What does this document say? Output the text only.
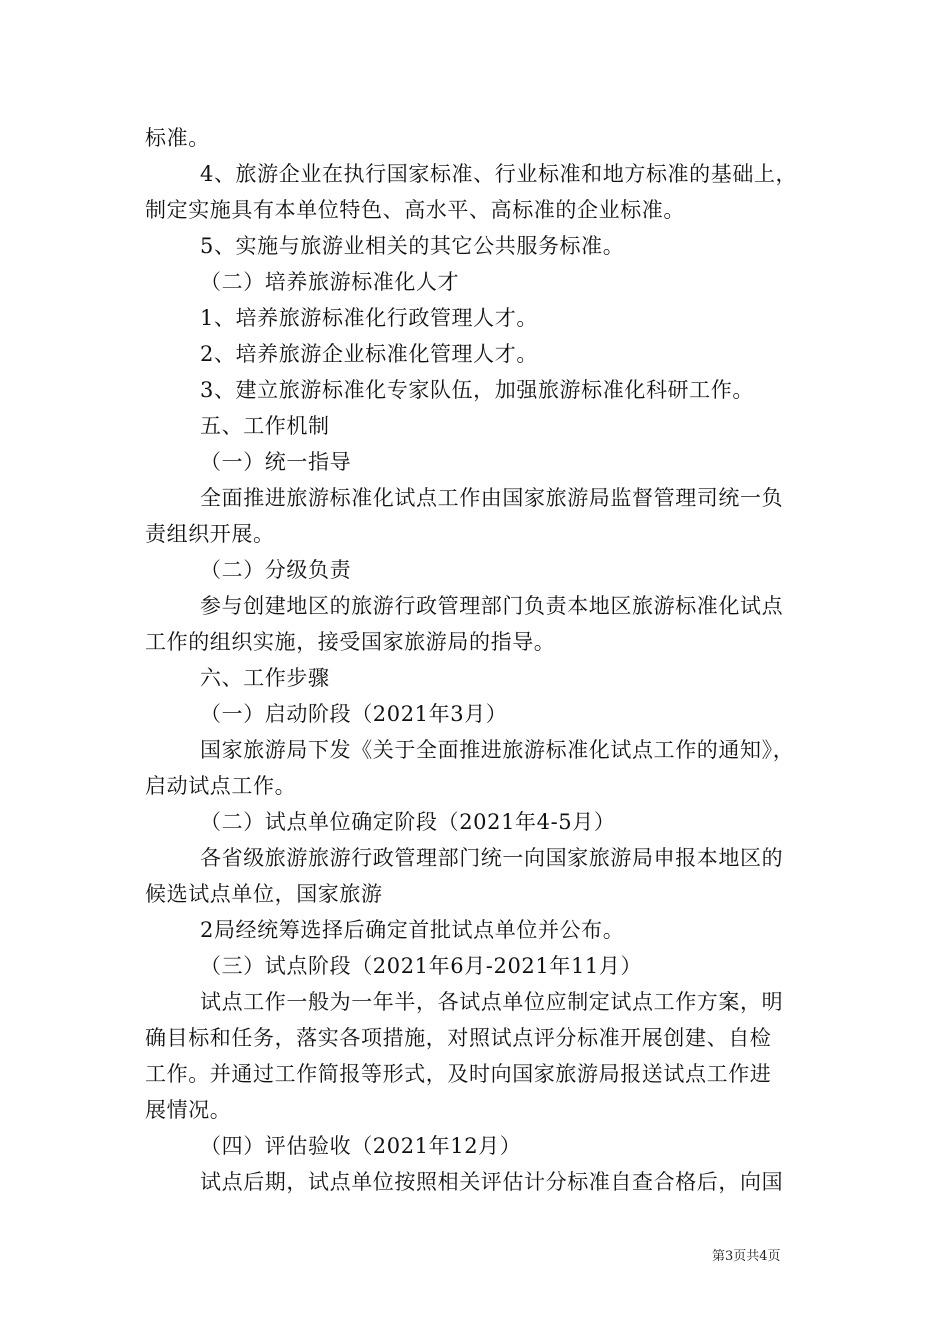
标准。
4、旅游企业在执行国家标准、行业标准和地方标准的基础上，
制定实施具有本单位特色、高水平、高标准的企业标准。
5、实施与旅游业相关的其它公共服务标准。
（二）培养旅游标准化人才
1、培养旅游标准化行政管理人才。
2、培养旅游企业标准化管理人才。
3、建立旅游标准化专家队伍，加强旅游标准化科研工作。
五、工作机制
（一）统一指导
全面推进旅游标准化试点工作由国家旅游局监督管理司统一负
责组织开展。
（二）分级负责
参与创建地区的旅游行政管理部门负责本地区旅游标准化试点
工作的组织实施，接受国家旅游局的指导。
六、工作步骤
（一）启动阶段（2021年3月）
国家旅游局下发《关于全面推进旅游标准化试点工作的通知》，
启动试点工作。
（二）试点单位确定阶段（2021年4-5月）
各省级旅游旅游行政管理部门统一向国家旅游局申报本地区的
候选试点单位，国家旅游
2局经统筹选择后确定首批试点单位并公布。
（三）试点阶段（2021年6月-2021年11月）
试点工作一般为一年半，各试点单位应制定试点工作方案，明
确目标和任务，落实各项措施，对照试点评分标准开展创建、自检
工作。并通过工作简报等形式，及时向国家旅游局报送试点工作进
展情况。
（四）评估验收（2021年12月）
试点后期，试点单位按照相关评估计分标准自查合格后，向国
第3页共4页
